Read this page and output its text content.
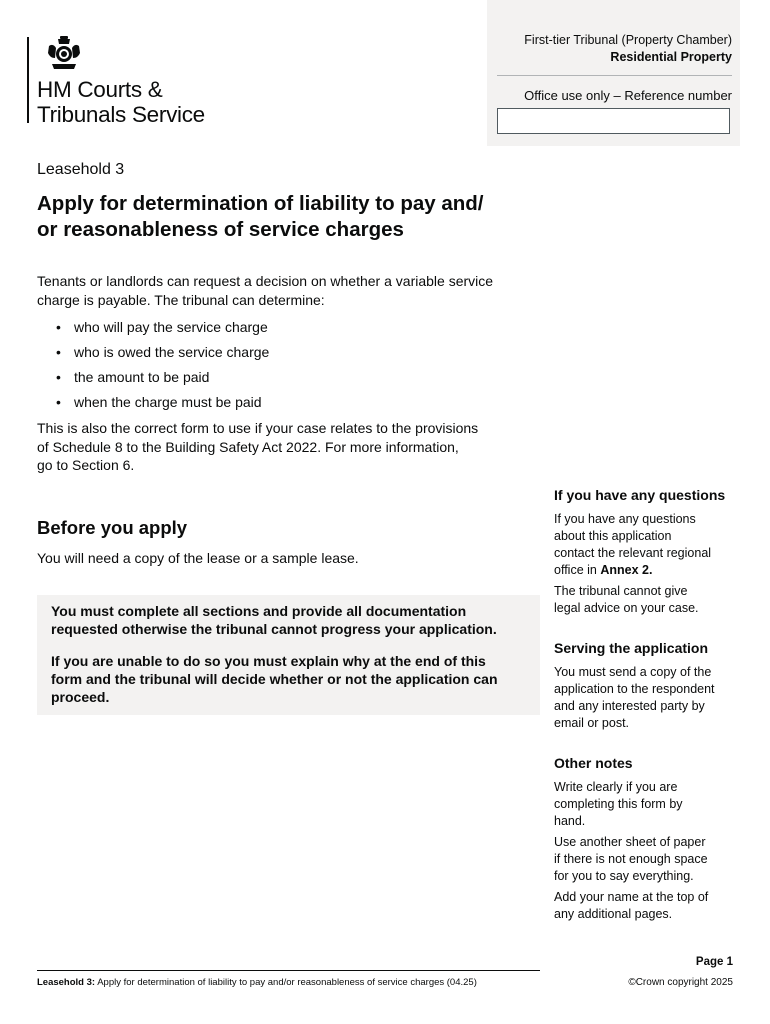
HM Courts &
Tribunals Service
First-tier Tribunal (Property Chamber)
Residential Property
Office use only – Reference number
Leasehold 3
Apply for determination of liability to pay and/
or reasonableness of service charges

Tenants or landlords can request a decision on whether a variable service
charge is payable. The tribunal can determine:

• who will pay the service charge
• who is owed the service charge
• the amount to be paid
• when the charge must be paid

This is also the correct form to use if your case relates to the provisions
of Schedule 8 to the Building Safety Act 2022. For more information,
go to Section 6.

Before you apply

You will need a copy of the lease or a sample lease.

You must complete all sections and provide all documentation
requested otherwise the tribunal cannot progress your application.

If you are unable to do so you must explain why at the end of this
form and the tribunal will decide whether or not the application can
proceed.

If you have any questions

If you have any questions
about this application
contact the relevant regional
office in Annex 2.

The tribunal cannot give
legal advice on your case.

Serving the application

You must send a copy of the
application to the respondent
and any interested party by
email or post.

Other notes

Write clearly if you are
completing this form by
hand.

Use another sheet of paper
if there is not enough space
for you to say everything.

Add your name at the top of
any additional pages.

Page 1
Leasehold 3: Apply for determination of liability to pay and/or reasonableness of service charges (04.25)	©Crown copyright 2025
